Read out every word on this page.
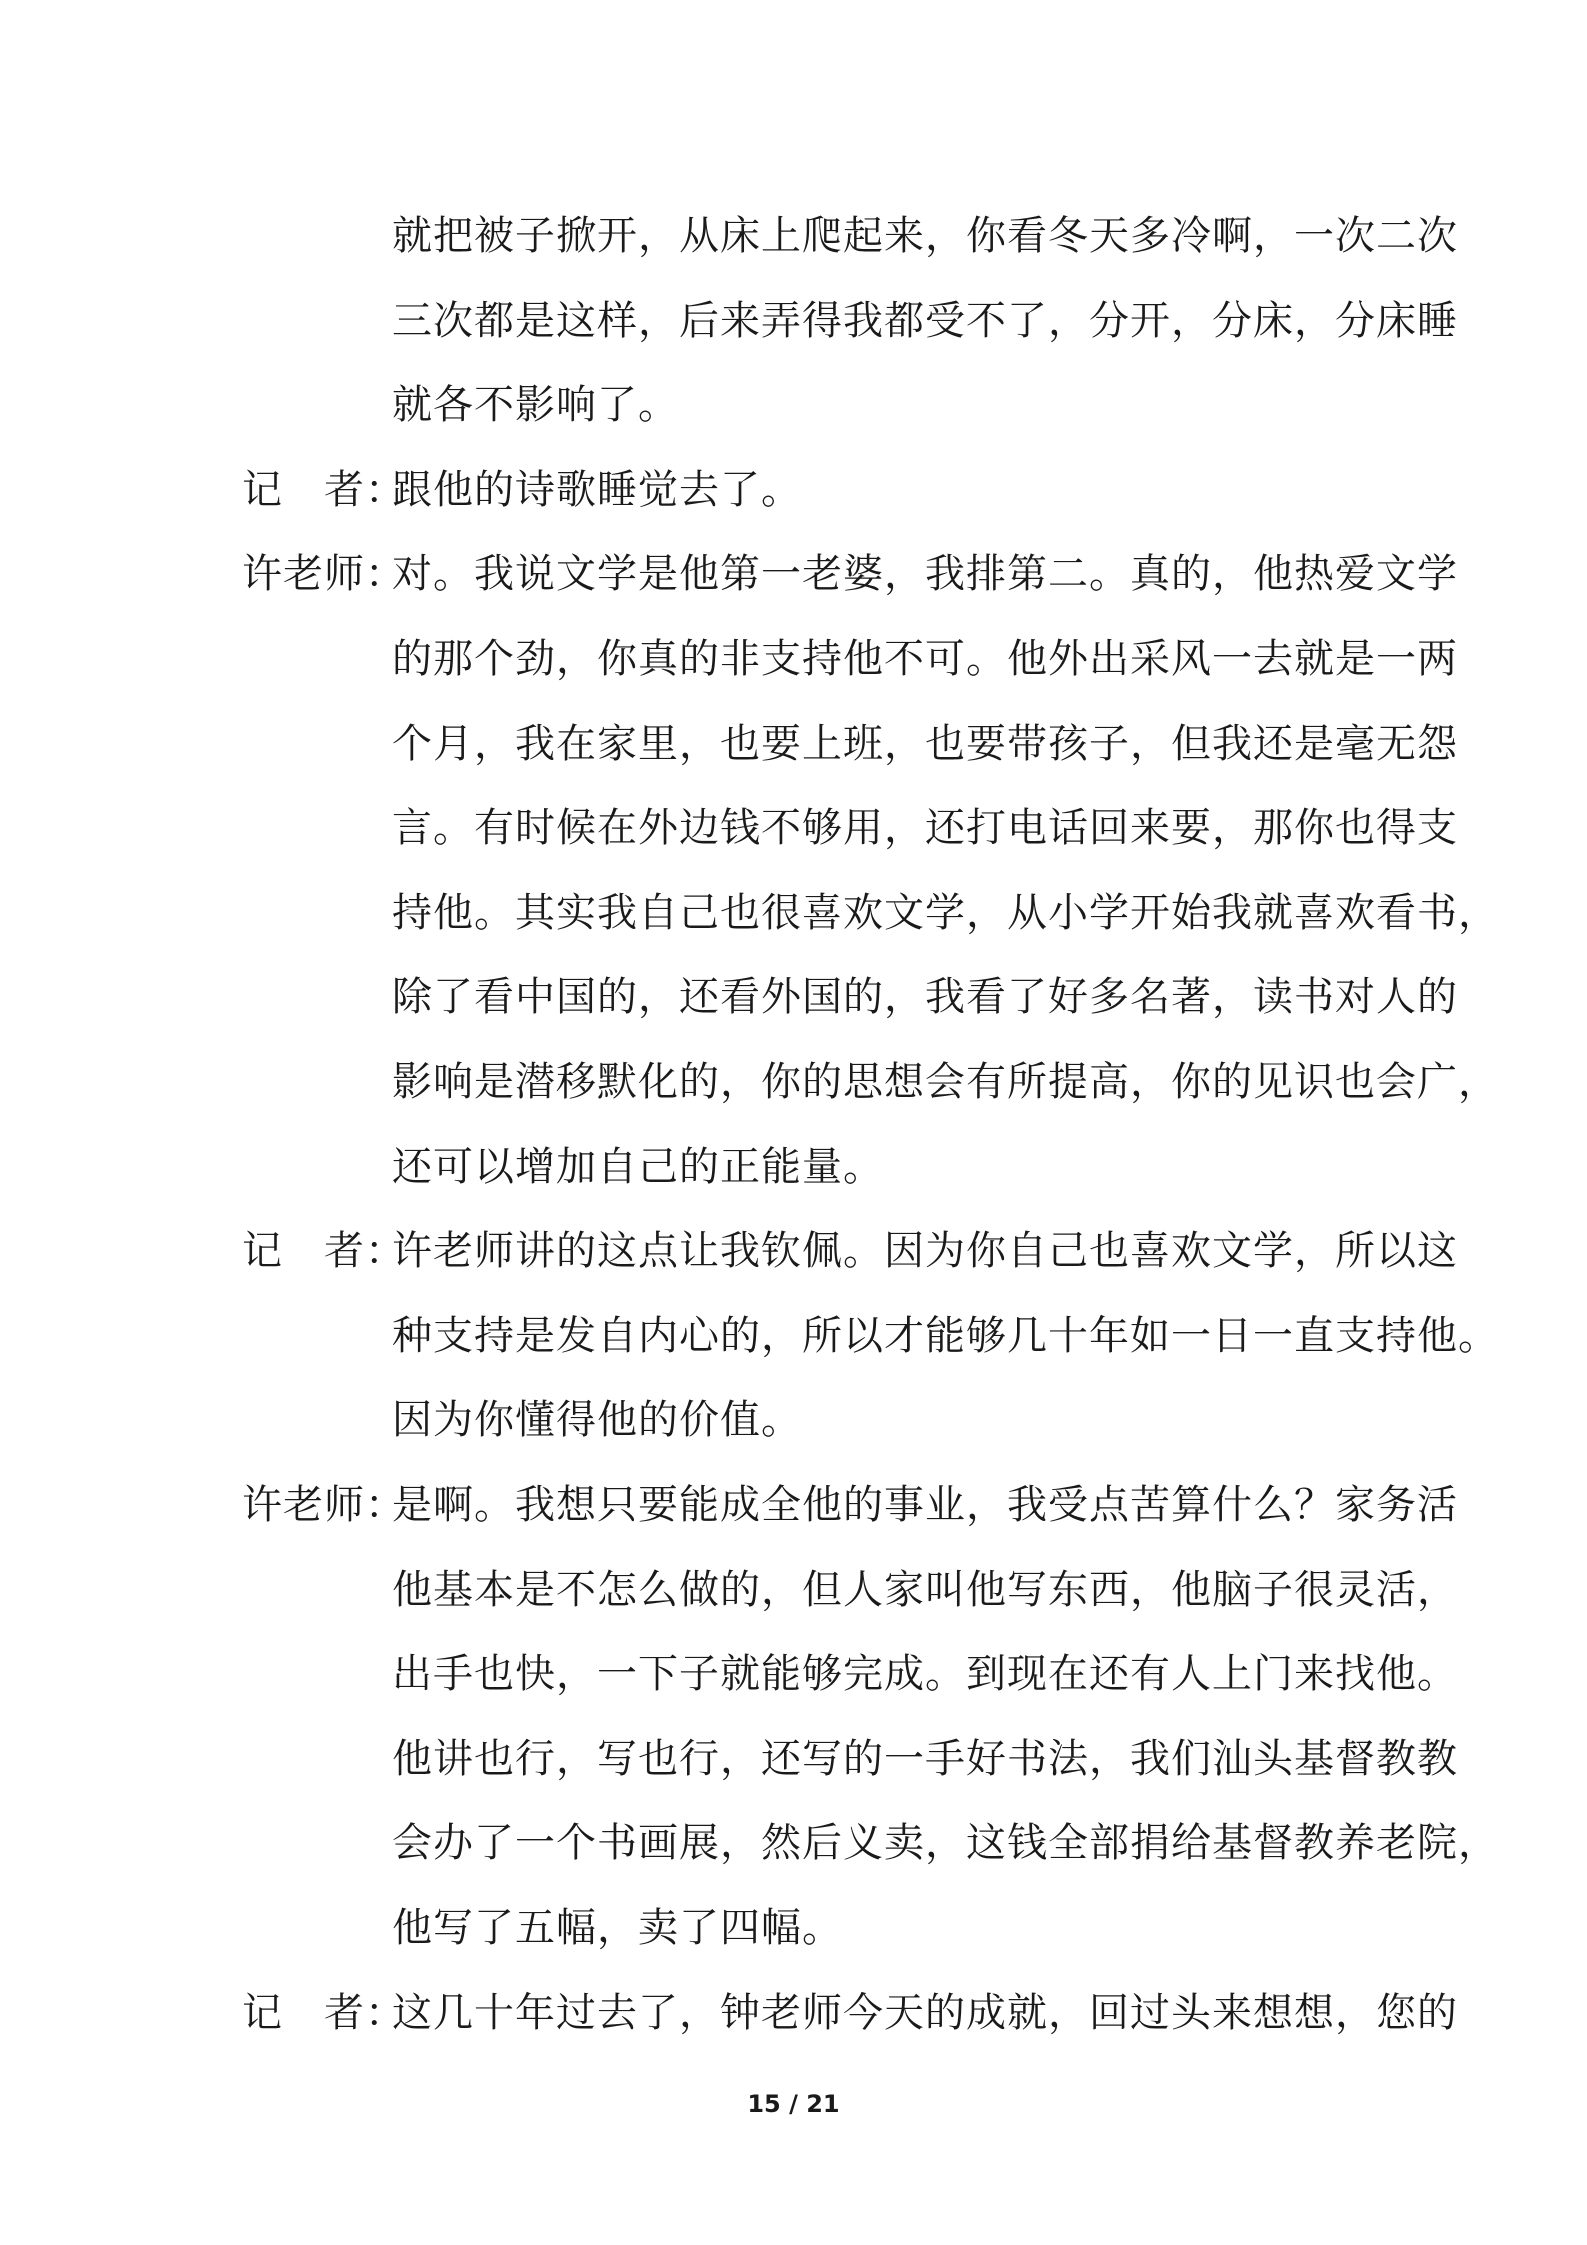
就把被子掀开，从床上爬起来，你看冬天多冷啊，一次二次
三次都是这样，后来弄得我都受不了，分开，分床，分床睡
就各不影响了。
记　者：
跟他的诗歌睡觉去了。
许老师：
对。我说文学是他第一老婆，我排第二。真的，他热爱文学
的那个劲，你真的非支持他不可。他外出采风一去就是一两
个月，我在家里，也要上班，也要带孩子，但我还是毫无怨
言。有时候在外边钱不够用，还打电话回来要，那你也得支
持他。其实我自己也很喜欢文学，从小学开始我就喜欢看书，
除了看中国的，还看外国的，我看了好多名著，读书对人的
影响是潜移默化的，你的思想会有所提高，你的见识也会广，
还可以增加自己的正能量。
记　者：
许老师讲的这点让我钦佩。因为你自己也喜欢文学，所以这
种支持是发自内心的，所以才能够几十年如一日一直支持他。
因为你懂得他的价值。
许老师：
是啊。我想只要能成全他的事业，我受点苦算什么？家务活
他基本是不怎么做的，但人家叫他写东西，他脑子很灵活，
出手也快，一下子就能够完成。到现在还有人上门来找他。
他讲也行，写也行，还写的一手好书法，我们汕头基督教教
会办了一个书画展，然后义卖，这钱全部捐给基督教养老院，
他写了五幅，卖了四幅。
记　者：
这几十年过去了，钟老师今天的成就，回过头来想想，您的
15 / 21
